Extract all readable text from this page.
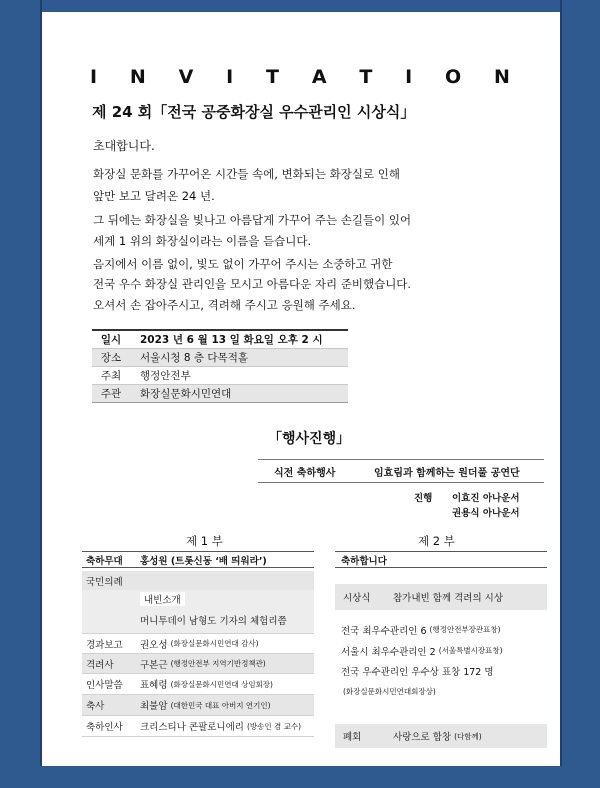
I N V I T A T I O N
제 24 회「전국 공중화장실 우수관리인 시상식」
초대합니다.
화장실 문화를 가꾸어온 시간들 속에, 변화되는 화장실로 인해
앞만 보고 달려온 24 년.
그 뒤에는 화장실을 빛나고 아름답게 가꾸어 주는 손길들이 있어
세계 1 위의 화장실이라는 이름을 듣습니다.
음지에서 이름 없이, 빛도 없이 가꾸어 주시는 소중하고 귀한
전국 우수 화장실 관리인을 모시고 아름다운 자리 준비했습니다.
오셔서 손 잡아주시고, 격려해 주시고 응원해 주세요.
일시	2023 년 6 월 13 일 화요일 오후 2 시
장소	서울시청 8 층 다목적홀
주최	행정안전부
주관	화장실문화시민연대
「행사진행」
식전 축하행사	임효림과 함께하는 원더풀 공연단
진행 이효진 아나운서
권용식 아나운서
제 1 부
축하무대	홍성원 (트롯신동 ‘배 띄워라’)
국민의례
내빈소개
머니투데이 남형도 기자의 체험리쯤
경과보고	권오성
(화장실문화시민연대 감사)
격려사	구본근
(행정안전부 지역기반정책관)
인사말씀	표혜령
(화장실문화시민연대 상임회장)
축사	최불암
(대한민국 대표 아버지 연기인)
축하인사	크리스티나 콘팔로니에리
(방송인 겸 교수)
제 2 부
축하합니다
시상식	참가내빈 함께 격려의 시상
전국 최우수관리인 6
(행정안전부장관표창)
서울시 최우수관리인 2
(서울특별시장표창)
전국 우수관리인 우수상 표창 172 명
(화장실문화시민연대회장상)
폐회	사랑으로 합창
(다함께)
